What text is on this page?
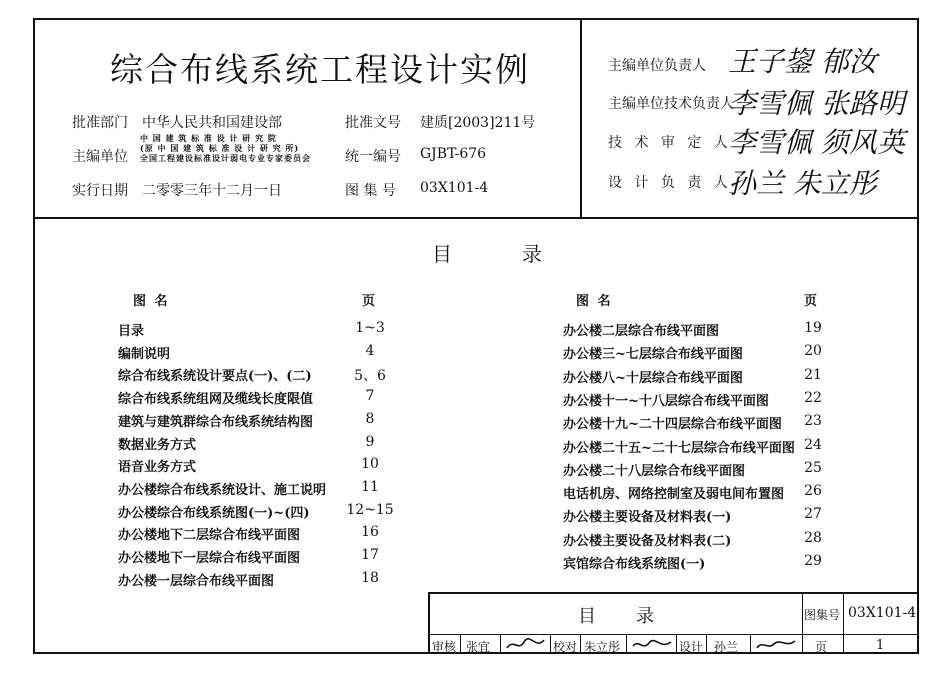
综合布线系统工程设计实例
批准部门 中华人民共和国建设部
主编单位
中 国 建 筑 标 准 设 计 研 究 院
(原 中 国 建 筑 标 准 设 计 研 究 所)
全国工程建设标准设计弱电专业专家委员会
实行日期 二零零三年十二月一日
批准文号 建质[2003]211号
统一编号 GJBT-676
图 集 号 03X101-4
主编单位负责人 王子鋆 郁汝
主编单位技术负责人
李雪佩 张路明
技 术 审 定 人
李雪佩 须风英
设 计 负 责 人
孙兰 朱立彤
目录
图 名	页	图 名	页
目录	1~3
编制说明	4
综合布线系统设计要点(一)、(二)	5、6
综合布线系统组网及缆线长度限值	7
建筑与建筑群综合布线系统结构图	8
数据业务方式	9
语音业务方式	10
办公楼综合布线系统设计、施工说明	11
办公楼综合布线系统图(一)~(四)	12~15
办公楼地下二层综合布线平面图	16
办公楼地下一层综合布线平面图	17
办公楼一层综合布线平面图	18
办公楼二层综合布线平面图	19
办公楼三~七层综合布线平面图	20
办公楼八~十层综合布线平面图	21
办公楼十一~十八层综合布线平面图	22
办公楼十九~二十四层综合布线平面图	23
办公楼二十五~二十七层综合布线平面图 24
办公楼二十八层综合布线平面图	25
电话机房、网络控制室及弱电间布置图	26
办公楼主要设备及材料表(一)	27
办公楼主要设备及材料表(二)	28
宾馆综合布线系统图(一)	29
目录	图集号 03X101-4
审核 张宜	校对 朱立彤	设计 孙兰	页	1
